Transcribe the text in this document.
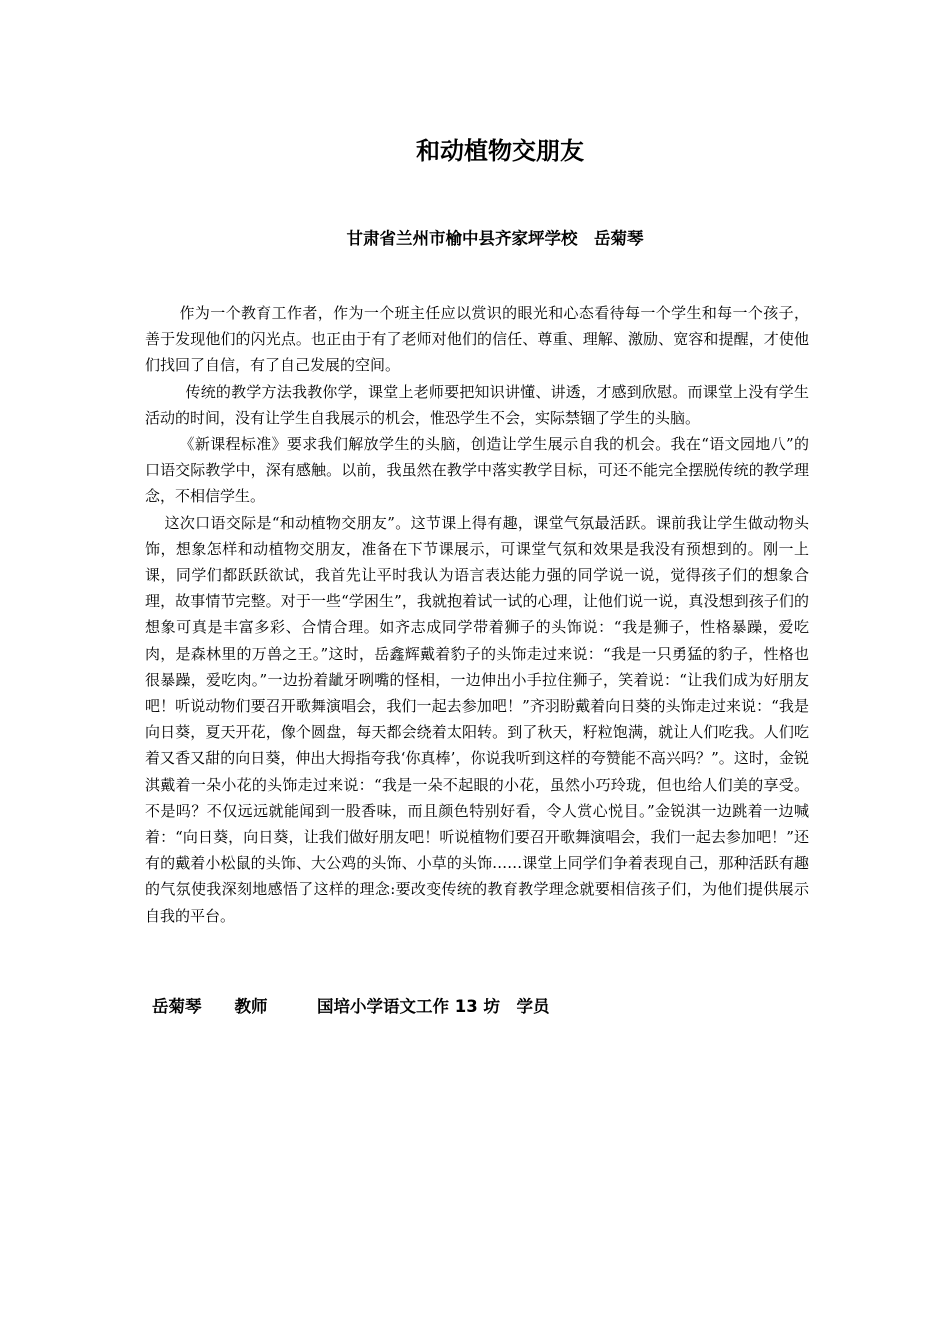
和动植物交朋友
甘肃省兰州市榆中县齐家坪学校　岳菊琴

作为一个教育工作者，作为一个班主任应以赏识的眼光和心态看待每一个学生和每一个孩子，善于发现他们的闪光点。也正由于有了老师对他们的信任、尊重、理解、激励、宽容和提醒，才使他们找回了自信，有了自己发展的空间。

传统的教学方法我教你学，课堂上老师要把知识讲懂、讲透，才感到欣慰。而课堂上没有学生活动的时间，没有让学生自我展示的机会，惟恐学生不会，实际禁锢了学生的头脑。

《新课程标准》要求我们解放学生的头脑，创造让学生展示自我的机会。我在“语文园地八”的口语交际教学中，深有感触。以前，我虽然在教学中落实教学目标，可还不能完全摆脱传统的教学理念，不相信学生。

这次口语交际是“和动植物交朋友”。这节课上得有趣，课堂气氛最活跃。课前我让学生做动物头饰，想象怎样和动植物交朋友，准备在下节课展示，可课堂气氛和效果是我没有预想到的。刚一上课，同学们都跃跃欲试，我首先让平时我认为语言表达能力强的同学说一说，觉得孩子们的想象合理，故事情节完整。对于一些“学困生”，我就抱着试一试的心理，让他们说一说，真没想到孩子们的想象可真是丰富多彩、合情合理。如齐志成同学带着狮子的头饰说：“我是狮子，性格暴躁，爱吃肉，是森林里的万兽之王。”这时，岳鑫辉戴着豹子的头饰走过来说：“我是一只勇猛的豹子，性格也很暴躁，爱吃肉。”一边扮着龇牙咧嘴的怪相，一边伸出小手拉住狮子，笑着说：“让我们成为好朋友吧！听说动物们要召开歌舞演唱会，我们一起去参加吧！”齐羽盼戴着向日葵的头饰走过来说：“我是向日葵，夏天开花，像个圆盘，每天都会绕着太阳转。到了秋天，籽粒饱满，就让人们吃我。人们吃着又香又甜的向日葵，伸出大拇指夸我‘你真棒’，你说我听到这样的夸赞能不高兴吗？”。这时，金锐淇戴着一朵小花的头饰走过来说：“我是一朵不起眼的小花，虽然小巧玲珑，但也给人们美的享受。不是吗？不仅远远就能闻到一股香味，而且颜色特别好看，令人赏心悦目。”金锐淇一边跳着一边喊着：“向日葵，向日葵，让我们做好朋友吧！听说植物们要召开歌舞演唱会，我们一起去参加吧！”还有的戴着小松鼠的头饰、大公鸡的头饰、小草的头饰……课堂上同学们争着表现自己，那种活跃有趣的气氛使我深刻地感悟了这样的理念:要改变传统的教育教学理念就要相信孩子们，为他们提供展示自我的平台。

岳菊琴　　教师　　　国培小学语文工作 13 坊　学员
